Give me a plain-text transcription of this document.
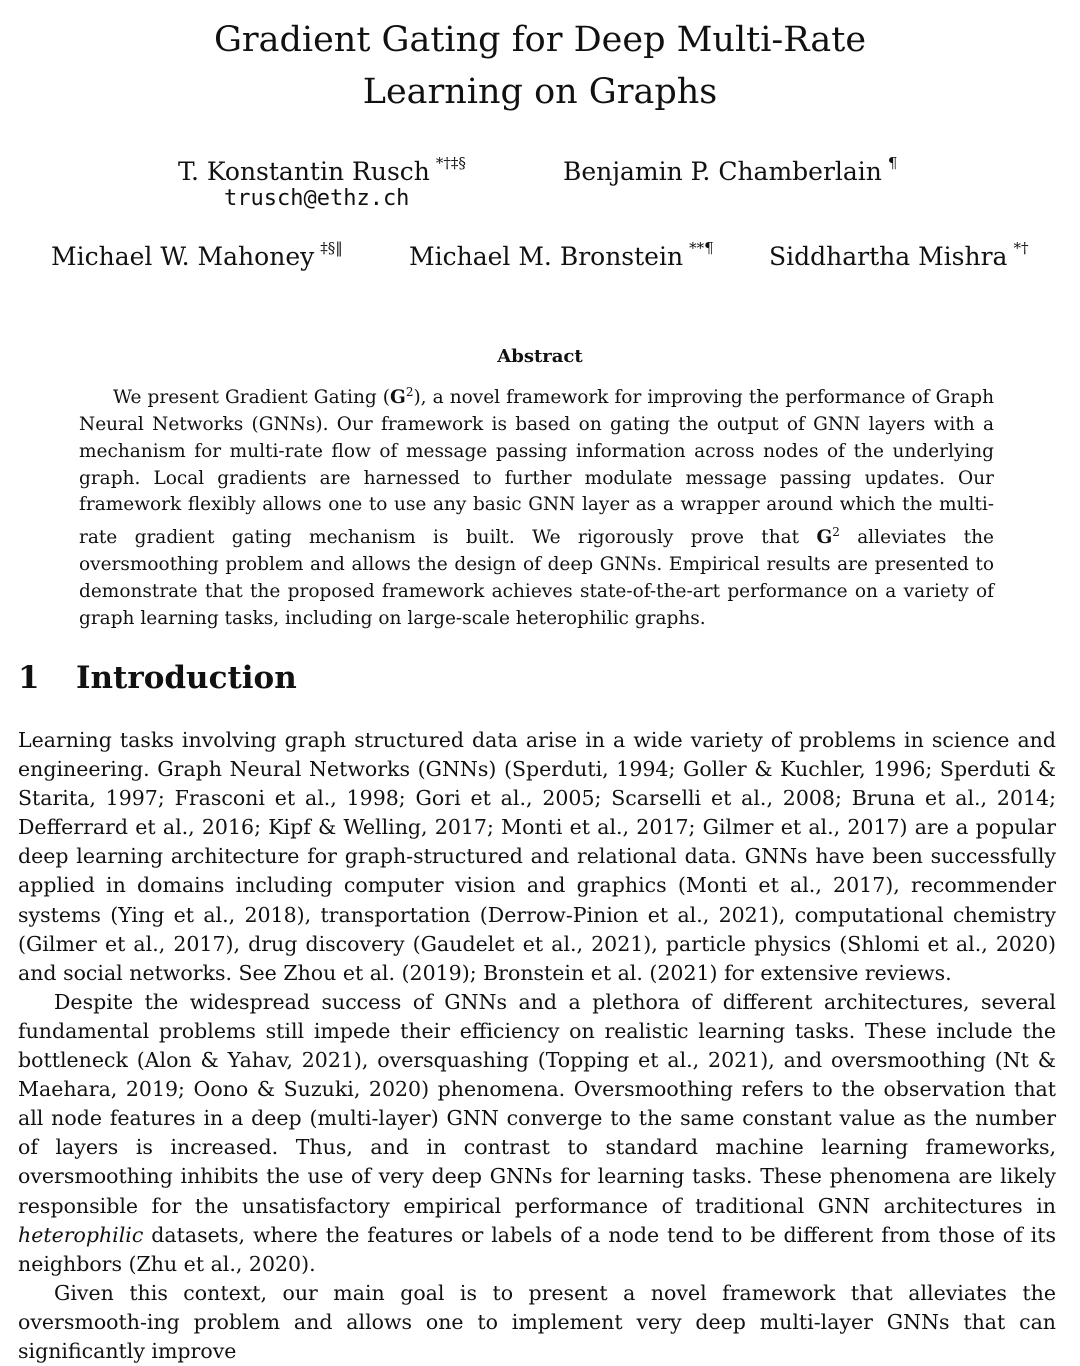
Gradient Gating for Deep Multi-Rate
Learning on Graphs
T. Konstantin Rusch *†‡§
trusch@ethz.ch
Benjamin P. Chamberlain ¶
Michael W. Mahoney ‡§‖	Michael M. Bronstein **¶ Siddhartha Mishra *†
Abstract

We present Gradient Gating $(G^2)$, a novel framework for improving the performance of Graph Neural Networks (GNNs). Our framework is based on gating the output of GNN layers with a mechanism for multi-rate flow of message passing information across nodes of the underlying graph. Local gradients are harnessed to further modulate message passing updates. Our framework flexibly allows one to use any basic GNN layer as a wrapper around which the multi-rate gradient gating mechanism is built. We rigorously prove that $G^2$ alleviates the oversmoothing problem and allows the design of deep GNNs. Empirical results are presented to demonstrate that the proposed framework achieves state-of-the-art performance on a variety of graph learning tasks, including on large-scale heterophilic graphs.

1 Introduction

Learning tasks involving graph structured data arise in a wide variety of problems in science and engineering. Graph Neural Networks (GNNs) (Sperduti, 1994; Goller & Kuchler, 1996; Sperduti & Starita, 1997; Frasconi et al., 1998; Gori et al., 2005; Scarselli et al., 2008; Bruna et al., 2014; Defferrard et al., 2016; Kipf & Welling, 2017; Monti et al., 2017; Gilmer et al., 2017) are a popular deep learning architecture for graph-structured and relational data. GNNs have been successfully applied in domains including computer vision and graphics (Monti et al., 2017), recommender systems (Ying et al., 2018), transportation (Derrow-Pinion et al., 2021), computational chemistry (Gilmer et al., 2017), drug discovery (Gaudelet et al., 2021), particle physics (Shlomi et al., 2020) and social networks. See Zhou et al. (2019); Bronstein et al. (2021) for extensive reviews.

Despite the widespread success of GNNs and a plethora of different architectures, several fundamental problems still impede their efficiency on realistic learning tasks. These include the bottleneck (Alon & Yahav, 2021), oversquashing (Topping et al., 2021), and oversmoothing (Nt & Maehara, 2019; Oono & Suzuki, 2020) phenomena. Oversmoothing refers to the observation that all node features in a deep (multi-layer) GNN converge to the same constant value as the number of layers is increased. Thus, and in contrast to standard machine learning frameworks, oversmoothing inhibits the use of very deep GNNs for learning tasks. These phenomena are likely responsible for the unsatisfactory empirical performance of traditional GNN architectures in heterophilic datasets, where the features or labels of a node tend to be different from those of its neighbors (Zhu et al., 2020).

Given this context, our main goal is to present a novel framework that alleviates the oversmooth-ing problem and allows one to implement very deep multi-layer GNNs that can significantly improve
